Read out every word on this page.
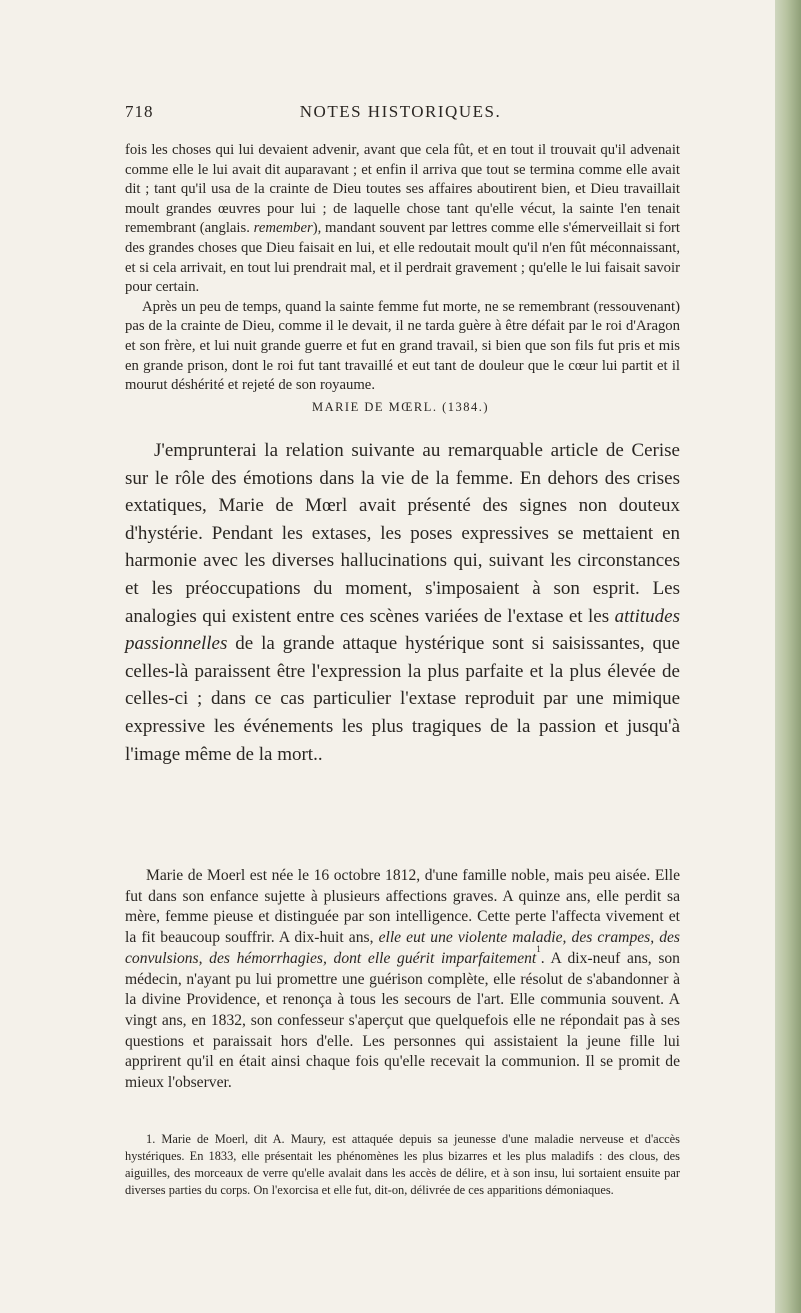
718	NOTES HISTORIQUES.

fois les choses qui lui devaient advenir, avant que cela fût, et en tout il trouvait qu'il advenait comme elle le lui avait dit auparavant ; et enfin il arriva que tout se termina comme elle avait dit ; tant qu'il usa de la crainte de Dieu toutes ses affaires aboutirent bien, et Dieu travaillait moult grandes œuvres pour lui ; de laquelle chose tant qu'elle vécut, la sainte l'en tenait remembrant (anglais. remember), mandant souvent par lettres comme elle s'émerveillait si fort des grandes choses que Dieu faisait en lui, et elle redoutait moult qu'il n'en fût méconnaissant, et si cela arrivait, en tout lui prendrait mal, et il perdrait gravement ; qu'elle le lui faisait savoir pour certain.

Après un peu de temps, quand la sainte femme fut morte, ne se remembrant (ressouvenant) pas de la crainte de Dieu, comme il le devait, il ne tarda guère à être défait par le roi d'Aragon et son frère, et lui nuit grande guerre et fut en grand travail, si bien que son fils fut pris et mis en grande prison, dont le roi fut tant travaillé et eut tant de douleur que le cœur lui partit et il mourut déshérité et rejeté de son royaume.

MARIE DE MŒRL. (1384.)

J'emprunterai la relation suivante au remarquable article de Cerise sur le rôle des émotions dans la vie de la femme. En dehors des crises extatiques, Marie de Mœrl avait présenté des signes non douteux d'hystérie. Pendant les extases, les poses expressives se mettaient en harmonie avec les diverses hallucinations qui, suivant les circonstances et les préoccupations du moment, s'imposaient à son esprit. Les analogies qui existent entre ces scènes variées de l'extase et les attitudes passionnelles de la grande attaque hystérique sont si saisissantes, que celles-là paraissent être l'expression la plus parfaite et la plus élevée de celles-ci ; dans ce cas particulier l'extase reproduit par une mimique expressive les événements les plus tragiques de la passion et jusqu'à l'image même de la mort..

Marie de Moerl est née le 16 octobre 1812, d'une famille noble, mais peu aisée. Elle fut dans son enfance sujette à plusieurs affections graves. A quinze ans, elle perdit sa mère, femme pieuse et distinguée par son intelligence. Cette perte l'affecta vivement et la fit beaucoup souffrir. A dix-huit ans, elle eut une violente maladie, des crampes, des convulsions, des hémorrhagies, dont elle guérit imparfaitement$^1$. A dix-neuf ans, son médecin, n'ayant pu lui promettre une guérison complète, elle résolut de s'abandonner à la divine Providence, et renonça à tous les secours de l'art. Elle communia souvent. A vingt ans, en 1832, son confesseur s'aperçut que quelquefois elle ne répondait pas à ses questions et paraissait hors d'elle. Les personnes qui assistaient la jeune fille lui apprirent qu'il en était ainsi chaque fois qu'elle recevait la communion. Il se promit de mieux l'observer.

1. Marie de Moerl, dit A. Maury, est attaquée depuis sa jeunesse d'une maladie nerveuse et d'accès hystériques. En 1833, elle présentait les phénomènes les plus bizarres et les plus maladifs : des clous, des aiguilles, des morceaux de verre qu'elle avalait dans les accès de délire, et à son insu, lui sortaient ensuite par diverses parties du corps. On l'exorcisa et elle fut, dit-on, délivrée de ces apparitions démoniaques.
